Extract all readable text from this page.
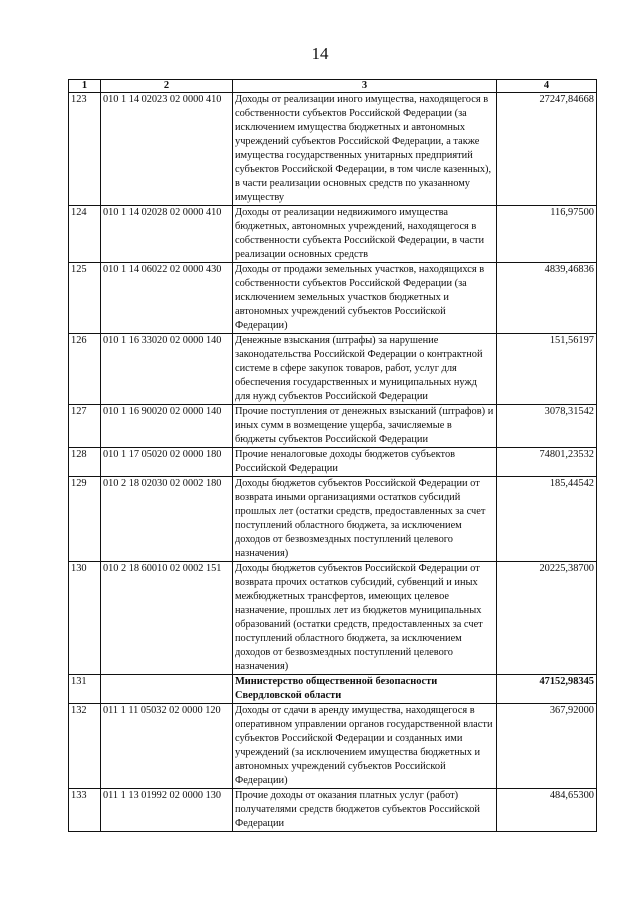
14
1	2	3	4
123	010 1 14 02023 02 0000 410	Доходы от реализации иного имущества, находящегося в собственности субъектов Российской Федерации (за исключением имущества бюджетных и автономных учреждений субъектов Российской Федерации, а также имущества государственных унитарных предприятий субъектов Российской Федерации, в том числе казенных), в части реализации основных средств по указанному имуществу	27247,84668
124	010 1 14 02028 02 0000 410	Доходы от реализации недвижимого имущества бюджетных, автономных учреждений, находящегося в собственности субъекта Российской Федерации, в части реализации основных средств	116,97500
125	010 1 14 06022 02 0000 430	Доходы от продажи земельных участков, находящихся в собственности субъектов Российской Федерации (за исключением земельных участков бюджетных и автономных учреждений субъектов Российской Федерации)	4839,46836
126	010 1 16 33020 02 0000 140	Денежные взыскания (штрафы) за нарушение законодательства Российской Федерации о контрактной системе в сфере закупок товаров, работ, услуг для обеспечения государственных и муниципальных нужд для нужд субъектов Российской Федерации	151,56197
127	010 1 16 90020 02 0000 140	Прочие поступления от денежных взысканий (штрафов) и иных сумм в возмещение ущерба, зачисляемые в бюджеты субъектов Российской Федерации	3078,31542
128	010 1 17 05020 02 0000 180	Прочие неналоговые доходы бюджетов субъектов Российской Федерации	74801,23532
129	010 2 18 02030 02 0002 180	Доходы бюджетов субъектов Российской Федерации от возврата иными организациями остатков субсидий прошлых лет (остатки средств, предоставленных за счет поступлений областного бюджета, за исключением доходов от безвозмездных поступлений целевого назначения)	185,44542
130	010 2 18 60010 02 0002 151	Доходы бюджетов субъектов Российской Федерации от возврата прочих остатков субсидий, субвенций и иных межбюджетных трансфертов, имеющих целевое назначение, прошлых лет из бюджетов муниципальных образований (остатки средств, предоставленных за счет поступлений областного бюджета, за исключением доходов от безвозмездных поступлений целевого назначения)	20225,38700
131		Министерство общественной безопасности Свердловской области	47152,98345
132	011 1 11 05032 02 0000 120	Доходы от сдачи в аренду имущества, находящегося в оперативном управлении органов государственной власти субъектов Российской Федерации и созданных ими учреждений (за исключением имущества бюджетных и автономных учреждений субъектов Российской Федерации)	367,92000
133	011 1 13 01992 02 0000 130	Прочие доходы от оказания платных услуг (работ) получателями средств бюджетов субъектов Российской Федерации	484,65300
